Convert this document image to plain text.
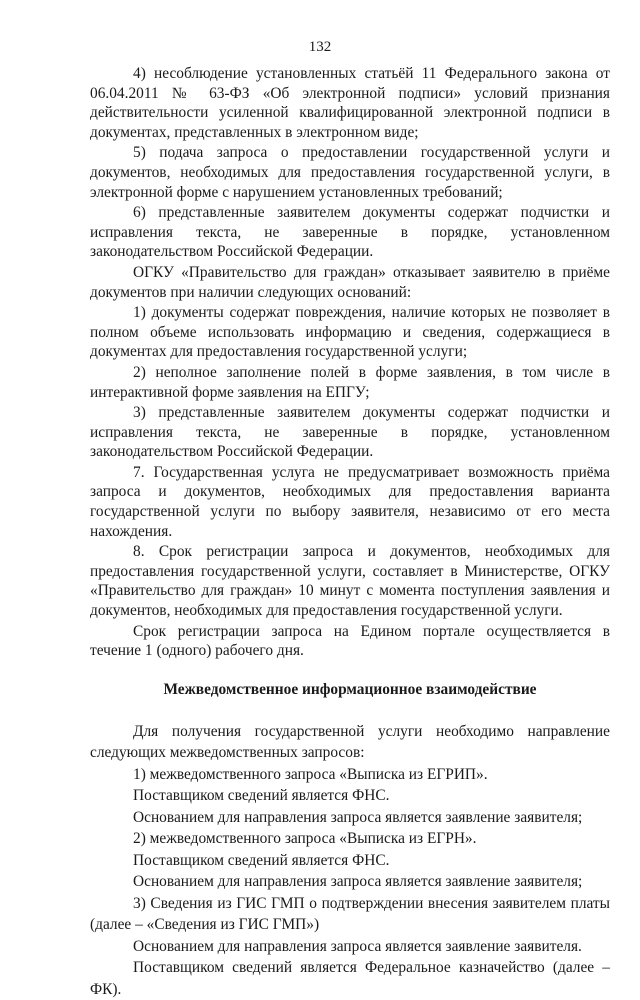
132

4) несоблюдение установленных статьёй 11 Федерального закона от 06.04.2011 № 63-ФЗ «Об электронной подписи» условий признания действительности усиленной квалифицированной электронной подписи в документах, представленных в электронном виде;

5) подача запроса о предоставлении государственной услуги и документов, необходимых для предоставления государственной услуги, в электронной форме с нарушением установленных требований;

6) представленные заявителем документы содержат подчистки и исправления текста, не заверенные в порядке, установленном законодательством Российской Федерации.

ОГКУ «Правительство для граждан» отказывает заявителю в приёме документов при наличии следующих оснований:

1) документы содержат повреждения, наличие которых не позволяет в полном объеме использовать информацию и сведения, содержащиеся в документах для предоставления государственной услуги;

2) неполное заполнение полей в форме заявления, в том числе в интерактивной форме заявления на ЕПГУ;

3) представленные заявителем документы содержат подчистки и исправления текста, не заверенные в порядке, установленном законодательством Российской Федерации.

7. Государственная услуга не предусматривает возможность приёма запроса и документов, необходимых для предоставления варианта государственной услуги по выбору заявителя, независимо от его места нахождения.

8. Срок регистрации запроса и документов, необходимых для предоставления государственной услуги, составляет в Министерстве, ОГКУ «Правительство для граждан» 10 минут с момента поступления заявления и документов, необходимых для предоставления государственной услуги.

Срок регистрации запроса на Едином портале осуществляется в течение 1 (одного) рабочего дня.

Межведомственное информационное взаимодействие

Для получения государственной услуги необходимо направление следующих межведомственных запросов:

1) межведомственного запроса «Выписка из ЕГРИП».

Поставщиком сведений является ФНС.

Основанием для направления запроса является заявление заявителя;

2) межведомственного запроса «Выписка из ЕГРН».

Поставщиком сведений является ФНС.

Основанием для направления запроса является заявление заявителя;

3) Сведения из ГИС ГМП о подтверждении внесения заявителем платы (далее – «Сведения из ГИС ГМП»)

Основанием для направления запроса является заявление заявителя.

Поставщиком сведений является Федеральное казначейство (далее – ФК).
